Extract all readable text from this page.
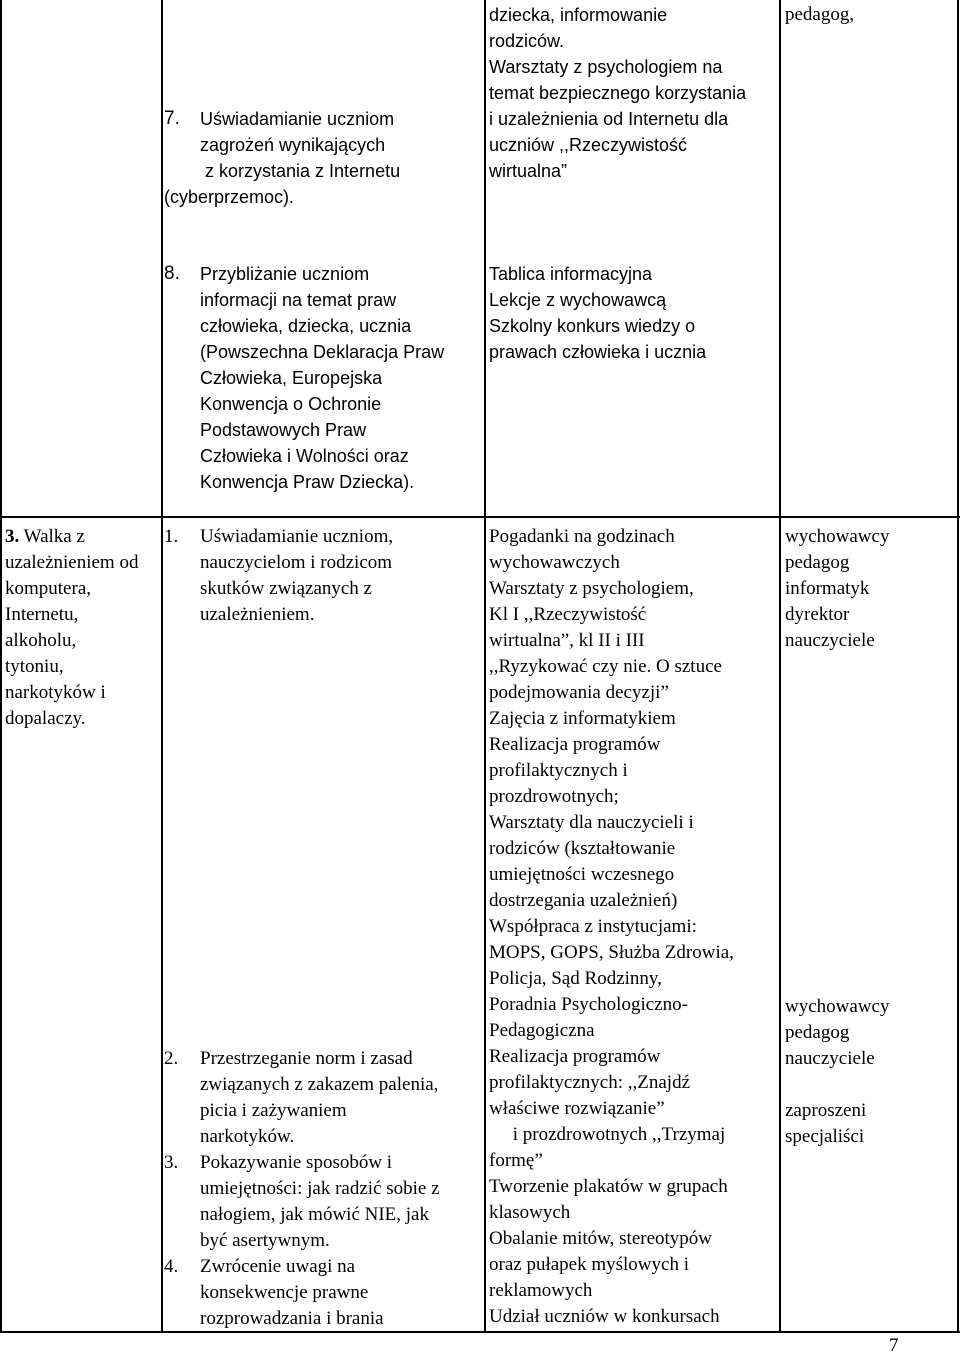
7. Uświadamianie uczniom
zagrożeń wynikających
z korzystania z Internetu
(cyberprzemoc).
dziecka, informowanie
rodziców.
Warsztaty z psychologiem na
temat bezpiecznego korzystania
i uzależnienia od Internetu dla
uczniów ,,Rzeczywistość
wirtualna”
pedagog,
8. Przybliżanie uczniom
informacji na temat praw
człowieka, dziecka, ucznia
(Powszechna Deklaracja Praw
Człowieka, Europejska
Konwencja o Ochronie
Podstawowych Praw
Człowieka i Wolności oraz
Konwencja Praw Dziecka).
Tablica informacyjna
Lekcje z wychowawcą
Szkolny konkurs wiedzy o
prawach człowieka i ucznia
3. Walka z
uzależnieniem od
komputera,
Internetu,
alkoholu,
tytoniu,
narkotyków i
dopalaczy.
1. Uświadamianie uczniom,
nauczycielom i rodzicom
skutków związanych z
uzależnieniem.
2. Przestrzeganie norm i zasad
związanych z zakazem palenia,
picia i zażywaniem
narkotyków.
3. Pokazywanie sposobów i
umiejętności: jak radzić sobie z
nałogiem, jak mówić NIE, jak
być asertywnym.
4. Zwrócenie uwagi na
konsekwencje prawne
rozprowadzania i brania
Pogadanki na godzinach
wychowawczych
Warsztaty z psychologiem,
Kl I ,,Rzeczywistość
wirtualna”, kl II i III
,,Ryzykować czy nie. O sztuce
podejmowania decyzji”
Zajęcia z informatykiem
Realizacja programów
profilaktycznych i
prozdrowotnych;
Warsztaty dla nauczycieli i
rodziców (kształtowanie
umiejętności wczesnego
dostrzegania uzależnień)
Współpraca z instytucjami:
MOPS, GOPS, Służba Zdrowia,
Policja, Sąd Rodzinny,
Poradnia Psychologiczno-
Pedagogiczna
Realizacja programów
profilaktycznych: ,,Znajdź
właściwe rozwiązanie”
i prozdrowotnych ,,Trzymaj
formę”
Tworzenie plakatów w grupach
klasowych
Obalanie mitów, stereotypów
oraz pułapek myślowych i
reklamowych
Udział uczniów w konkursach
wychowawcy
pedagog
informatyk
dyrektor
nauczyciele
wychowawcy
pedagog
nauczyciele
zaproszeni
specjaliści
7
